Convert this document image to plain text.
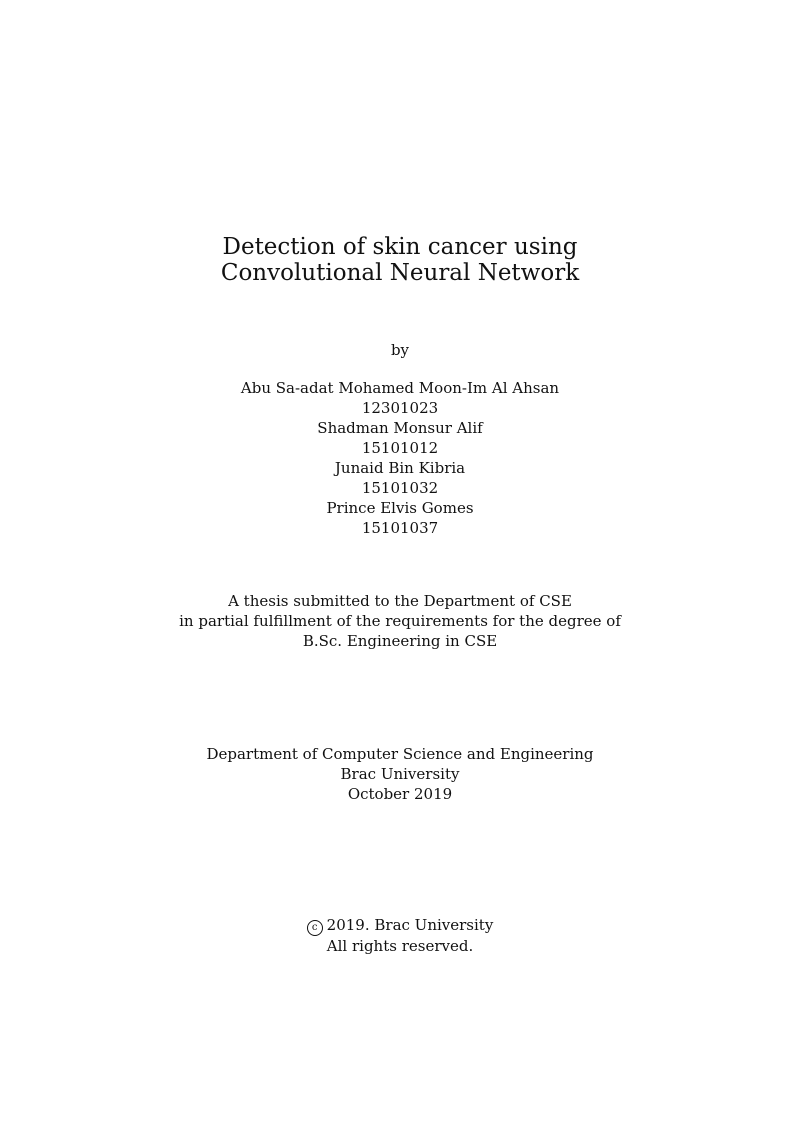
Detection of skin cancer using
Convolutional Neural Network
by
Abu Sa-adat Mohamed Moon-Im Al Ahsan
12301023
Shadman Monsur Alif
15101012
Junaid Bin Kibria
15101032
Prince Elvis Gomes
15101037
A thesis submitted to the Department of CSE
in partial fulfillment of the requirements for the degree of
B.Sc. Engineering in CSE
Department of Computer Science and Engineering
Brac University
October 2019
c 2019. Brac University
All rights reserved.
